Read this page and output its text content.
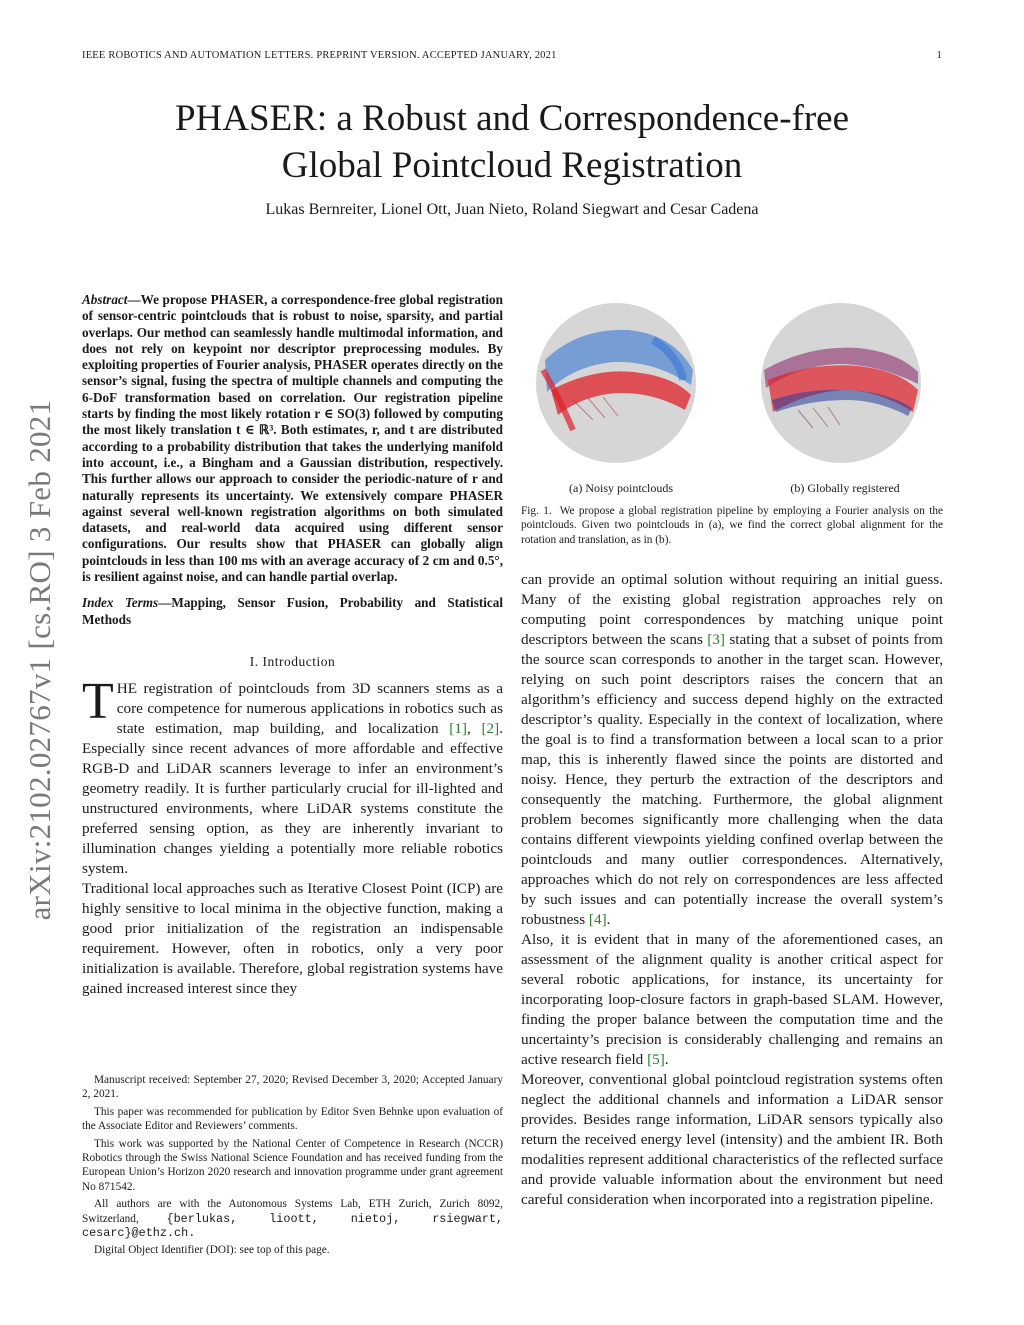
IEEE ROBOTICS AND AUTOMATION LETTERS. PREPRINT VERSION. ACCEPTED JANUARY, 2021	1
arXiv:2102.02767v1 [cs.RO] 3 Feb 2021
PHASER: a Robust and Correspondence-free Global Pointcloud Registration
Lukas Bernreiter, Lionel Ott, Juan Nieto, Roland Siegwart and Cesar Cadena
Abstract—We propose PHASER, a correspondence-free global registration of sensor-centric pointclouds that is robust to noise, sparsity, and partial overlaps. Our method can seamlessly handle multimodal information, and does not rely on keypoint nor descriptor preprocessing modules. By exploiting properties of Fourier analysis, PHASER operates directly on the sensor’s signal, fusing the spectra of multiple channels and computing the 6-DoF transformation based on correlation. Our registration pipeline starts by finding the most likely rotation r ∈ SO(3) followed by computing the most likely translation t ∈ ℝ³. Both estimates, r, and t are distributed according to a probability distribution that takes the underlying manifold into account, i.e., a Bingham and a Gaussian distribution, respectively. This further allows our approach to consider the periodic-nature of r and naturally represents its uncertainty. We extensively compare PHASER against several well-known registration algorithms on both simulated datasets, and real-world data acquired using different sensor configurations. Our results show that PHASER can globally align pointclouds in less than 100 ms with an average accuracy of 2 cm and 0.5°, is resilient against noise, and can handle partial overlap.
Index Terms—Mapping, Sensor Fusion, Probability and Statistical Methods
I. Introduction

THE registration of pointclouds from 3D scanners stems as a core competence for numerous applications in robotics such as state estimation, map building, and localization [1], [2]. Especially since recent advances of more affordable and effective RGB-D and LiDAR scanners leverage to infer an environment’s geometry readily. It is further particularly crucial for ill-lighted and unstructured environments, where LiDAR systems constitute the preferred sensing option, as they are inherently invariant to illumination changes yielding a potentially more reliable robotics system.

Traditional local approaches such as Iterative Closest Point (ICP) are highly sensitive to local minima in the objective function, making a good prior initialization of the registration an indispensable requirement. However, often in robotics, only a very poor initialization is available. Therefore, global registration systems have gained increased interest since they

Manuscript received: September 27, 2020; Revised December 3, 2020; Accepted January 2, 2021.

This paper was recommended for publication by Editor Sven Behnke upon evaluation of the Associate Editor and Reviewers’ comments.

This work was supported by the National Center of Competence in Research (NCCR) Robotics through the Swiss National Science Foundation and has received funding from the European Union’s Horizon 2020 research and innovation programme under grant agreement No 871542.

All authors are with the Autonomous Systems Lab, ETH Zurich, Zurich 8092, Switzerland, {berlukas, lioott, nietoj, rsiegwart, cesarc}@ethz.ch.

Digital Object Identifier (DOI): see top of this page.

(a) Noisy pointclouds	(b) Globally registered
Fig. 1. We propose a global registration pipeline by employing a Fourier analysis on the pointclouds. Given two pointclouds in (a), we find the correct global alignment for the rotation and translation, as in (b).

can provide an optimal solution without requiring an initial guess. Many of the existing global registration approaches rely on computing point correspondences by matching unique point descriptors between the scans [3] stating that a subset of points from the source scan corresponds to another in the target scan. However, relying on such point descriptors raises the concern that an algorithm’s efficiency and success depend highly on the extracted descriptor’s quality. Especially in the context of localization, where the goal is to find a transformation between a local scan to a prior map, this is inherently flawed since the points are distorted and noisy. Hence, they perturb the extraction of the descriptors and consequently the matching. Furthermore, the global alignment problem becomes significantly more challenging when the data contains different viewpoints yielding confined overlap between the pointclouds and many outlier correspondences. Alternatively, approaches which do not rely on correspondences are less affected by such issues and can potentially increase the overall system’s robustness [4].

Also, it is evident that in many of the aforementioned cases, an assessment of the alignment quality is another critical aspect for several robotic applications, for instance, its uncertainty for incorporating loop-closure factors in graph-based SLAM. However, finding the proper balance between the computation time and the uncertainty’s precision is considerably challenging and remains an active research field [5].

Moreover, conventional global pointcloud registration systems often neglect the additional channels and information a LiDAR sensor provides. Besides range information, LiDAR sensors typically also return the received energy level (intensity) and the ambient IR. Both modalities represent additional characteristics of the reflected surface and provide valuable information about the environment but need careful consideration when incorporated into a registration pipeline.
